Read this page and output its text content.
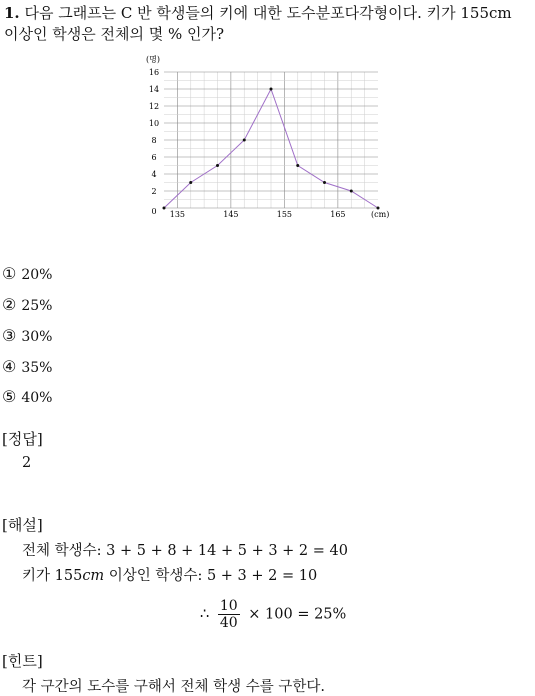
1. 다음 그래프는 C 반 학생들의 키에 대한 도수분포다각형이다. 키가 155cm
이상인 학생은 전체의 몇 % 인가?
0
2
4
6
8
10
12
14
16
135	145	155	165
(명)
(cm)
① 20%
② 25%
③ 30%
④ 35%
⑤ 40%
[정답]
2
[해설]
전체 학생수: 3 + 5 + 8 + 14 + 5 + 3 + 2 = 40
키가 155cm 이상인 학생수: 5 + 3 + 2 = 10
∴ $\frac{10}{40} \times 100 = 25\%$
[힌트]
각 구간의 도수를 구해서 전체 학생 수를 구한다.
